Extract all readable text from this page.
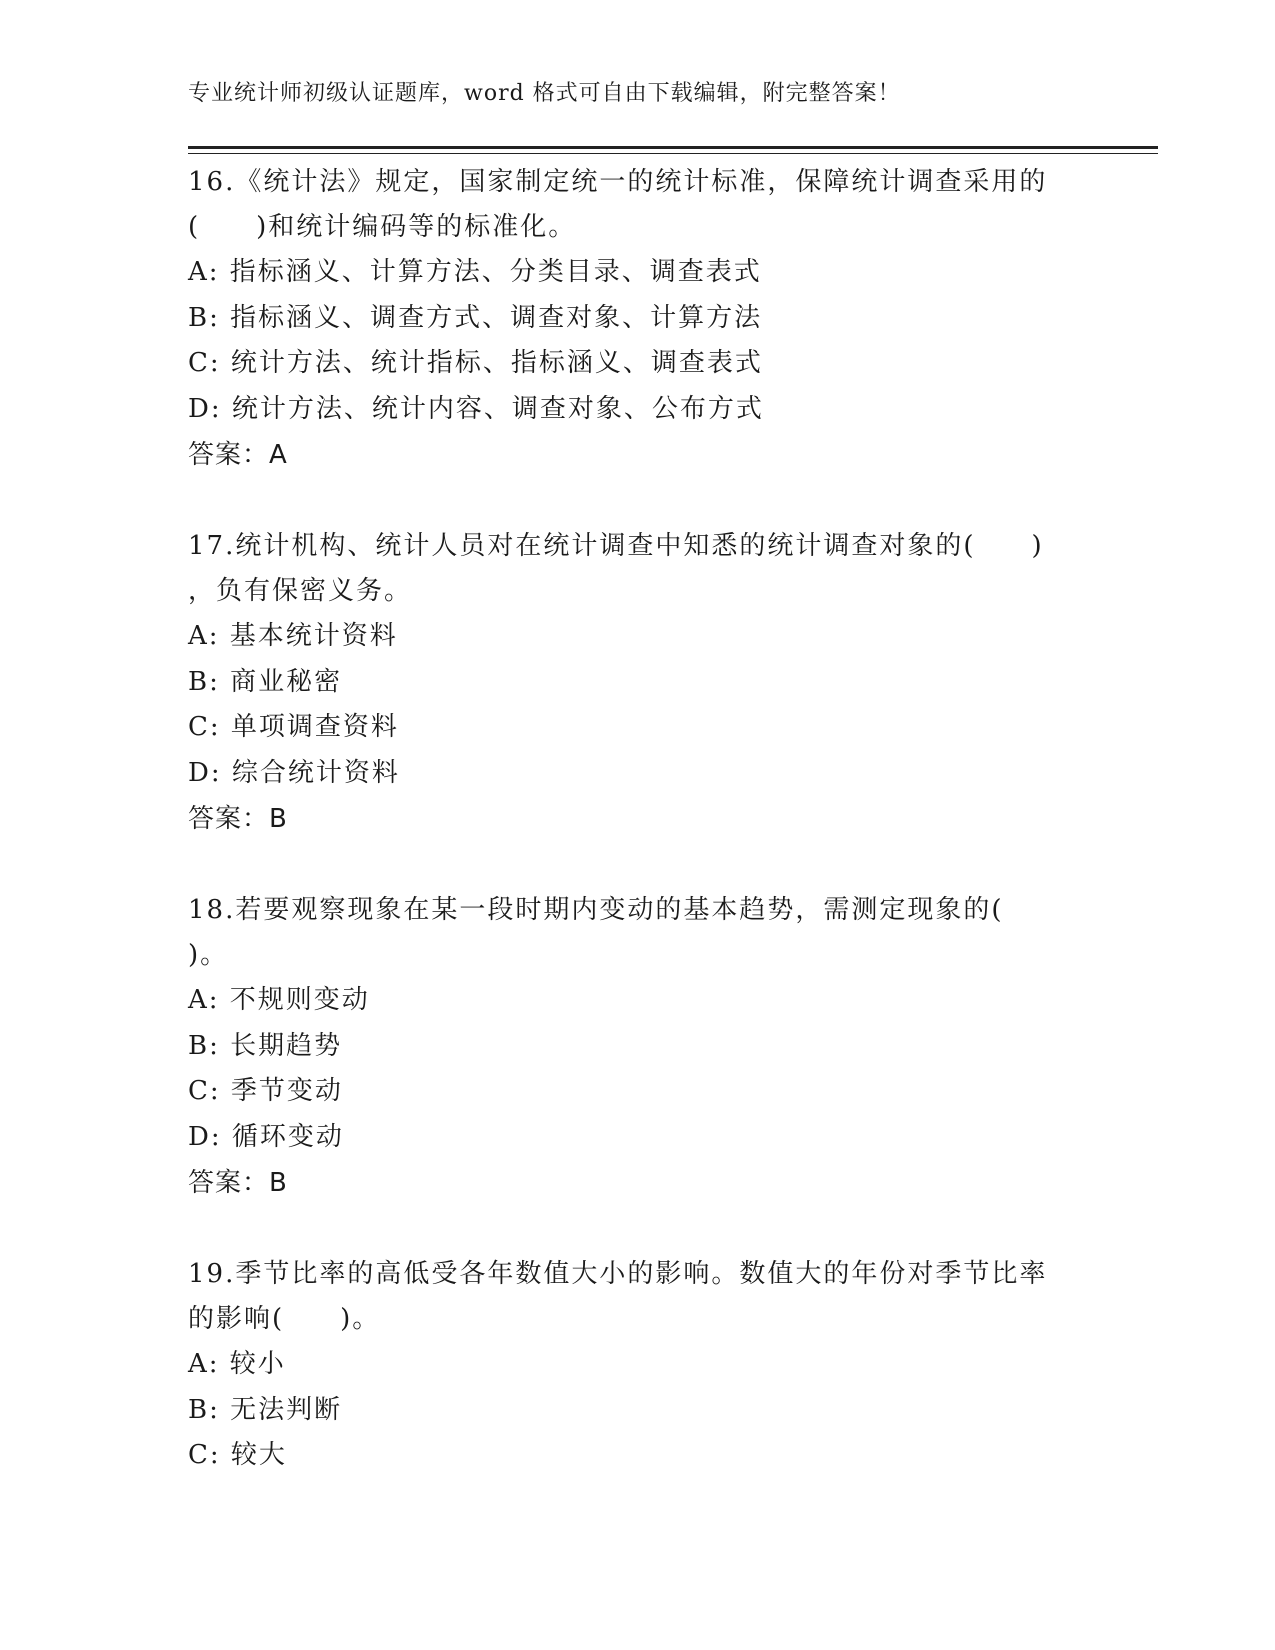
专业统计师初级认证题库，word 格式可自由下载编辑，附完整答案！
16.《统计法》规定，国家制定统一的统计标准，保障统计调查采用的
(　　)和统计编码等的标准化。
A: 指标涵义、计算方法、分类目录、调查表式
B: 指标涵义、调查方式、调查对象、计算方法
C: 统计方法、统计指标、指标涵义、调查表式
D: 统计方法、统计内容、调查对象、公布方式
答案：A
17.统计机构、统计人员对在统计调查中知悉的统计调查对象的(　　)
，负有保密义务。
A: 基本统计资料
B: 商业秘密
C: 单项调查资料
D: 综合统计资料
答案：B
18.若要观察现象在某一段时期内变动的基本趋势，需测定现象的(
)。
A: 不规则变动
B: 长期趋势
C: 季节变动
D: 循环变动
答案：B
19.季节比率的高低受各年数值大小的影响。数值大的年份对季节比率
的影响(　　)。
A: 较小
B: 无法判断
C: 较大
